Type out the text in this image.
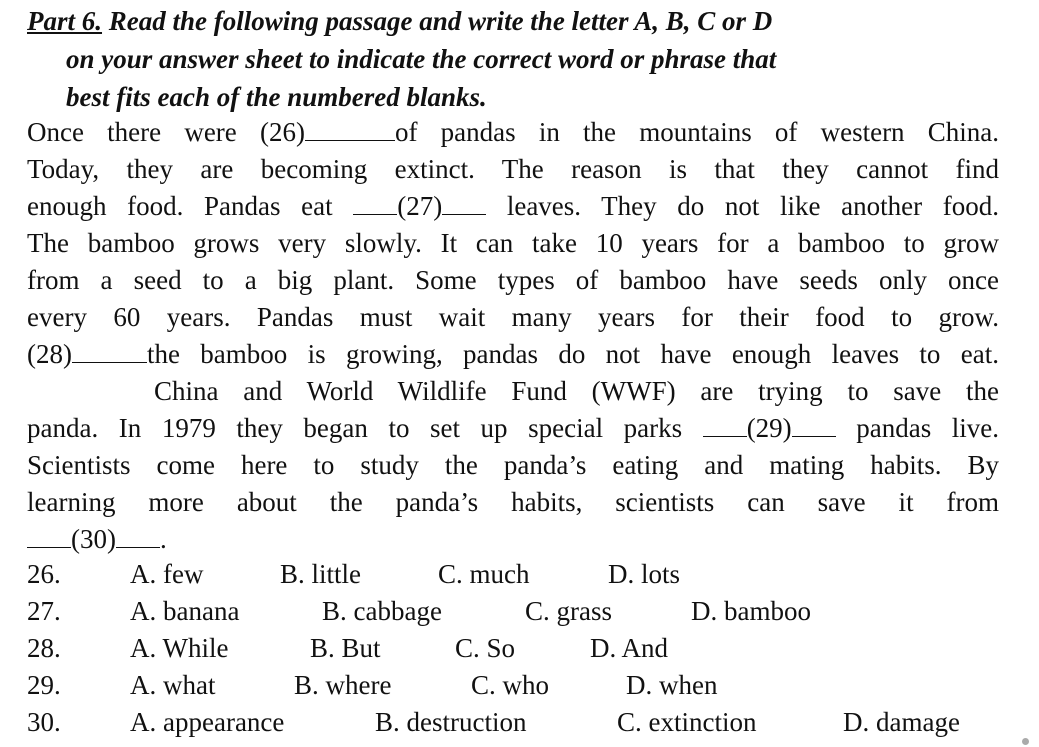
Part 6. Read the following passage and write the letter A, B, C or D
on your answer sheet to indicate the correct word or phrase that
best fits each of the numbered blanks.
Once there were (26)	of pandas in the mountains of western China.
Today, they are becoming extinct. The reason is that they cannot find
enough food. Pandas eat (27) leaves. They do not like another food.
The bamboo grows very slowly. It can take 10 years for a bamboo to grow
from a seed to a big plant. Some types of bamboo have seeds only once
every 60 years. Pandas must wait many years for their food to grow.
(28)	the bamboo is growing, pandas do not have enough leaves to eat.
China and World Wildlife Fund (WWF) are trying to save the
panda. In 1979 they began to set up special parks (29) pandas live.
Scientists come here to study the panda’s eating and mating habits. By
learning more about the panda’s habits, scientists can save it from
(30) .
26.	A. few	B. little	C. much	D. lots
27.	A. banana	B. cabbage	C. grass	D. bamboo
28.	A. While	B. But	C. So	D. And
29.	A. what	B. where	C. who	D. when
30.	A. appearance	B. destruction	C. extinction	D. damage
